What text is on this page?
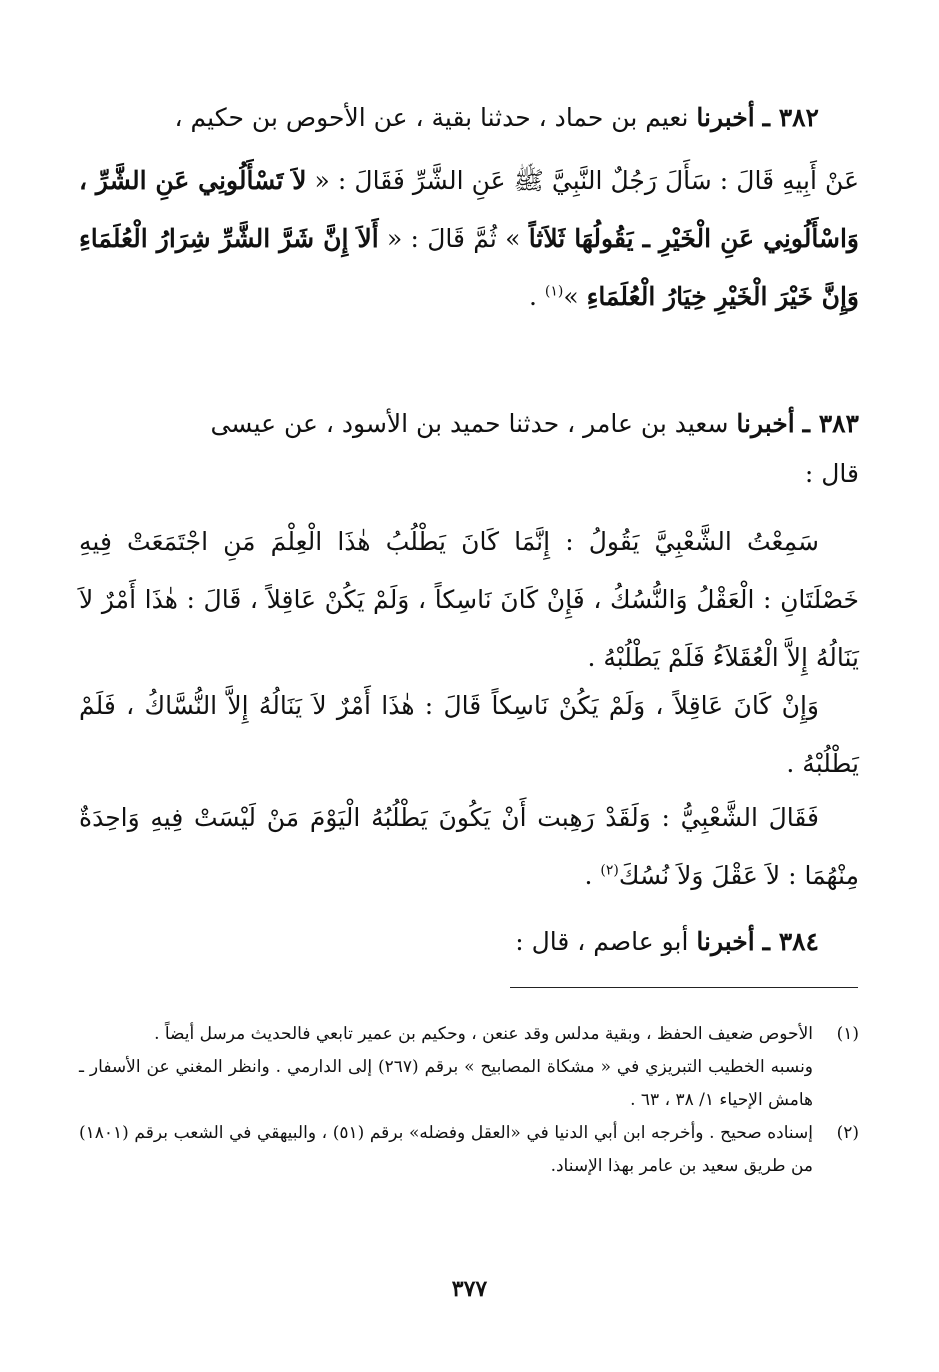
٣٨٢ ـ أخبرنا نعيم بن حماد ، حدثنا بقية ، عن الأحوص بن حكيم ،
عَنْ أَبِيهِ قَالَ : سَأَلَ رَجُلٌ النَّبِيَّ ﷺ عَنِ الشَّرِّ فَقَالَ : « لاَ تَسْأَلُونِي عَنِ الشَّرِّ ، وَاسْأَلُونِي عَنِ الْخَيْرِ ـ يَقُولُهَا ثَلاَثاً » ثُمَّ قَالَ : « أَلاَ إِنَّ شَرَّ الشَّرِّ شِرَارُ الْعُلَمَاءِ وَإِنَّ خَيْرَ الْخَيْرِ خِيَارُ الْعُلَمَاءِ »$^{(١)}$ .
٣٨٣ ـ أخبرنا سعيد بن عامر ، حدثنا حميد بن الأسود ، عن عيسى
قال :
سَمِعْتُ الشَّعْبِيَّ يَقُولُ : إِنَّمَا كَانَ يَطْلُبُ هٰذَا الْعِلْمَ مَنِ اجْتَمَعَتْ فِيهِ خَصْلَتَانِ : الْعَقْلُ وَالنُّسُكُ ، فَإِنْ كَانَ نَاسِكاً ، وَلَمْ يَكُنْ عَاقِلاً ، قَالَ : هٰذَا أَمْرٌ لاَ يَنَالُهُ إِلاَّ الْعُقَلاَءُ فَلَمْ يَطْلُبْهُ .
وَإِنْ كَانَ عَاقِلاً ، وَلَمْ يَكُنْ نَاسِكاً قَالَ : هٰذَا أَمْرٌ لاَ يَنَالُهُ إِلاَّ النُّسَّاكُ ، فَلَمْ يَطْلُبْهُ .
فَقَالَ الشَّعْبِيُّ : وَلَقَدْ رَهِبت أَنْ يَكُونَ يَطْلُبُهُ الْيَوْمَ مَنْ لَيْسَتْ فِيهِ وَاحِدَةٌ مِنْهُمَا : لاَ عَقْلَ وَلاَ نُسُكَ$^{(٢)}$ .
٣٨٤ ـ أخبرنا أبو عاصم ، قال :
(١)
الأحوص ضعيف الحفظ ، وبقية مدلس وقد عنعن ، وحكيم بن عمير تابعي فالحديث مرسل أيضاً .
ونسبه الخطيب التبريزي في « مشكاة المصابيح » برقم (٢٦٧) إلى الدارمي . وانظر المغني عن الأسفار ـ هامش الإحياء ١/ ٣٨ ، ٦٣ .
(٢)
إسناده صحيح . وأخرجه ابن أبي الدنيا في «العقل وفضله» برقم (٥١) ، والبيهقي في الشعب برقم (١٨٠١) من طريق سعيد بن عامر بهذا الإسناد.
٣٧٧
